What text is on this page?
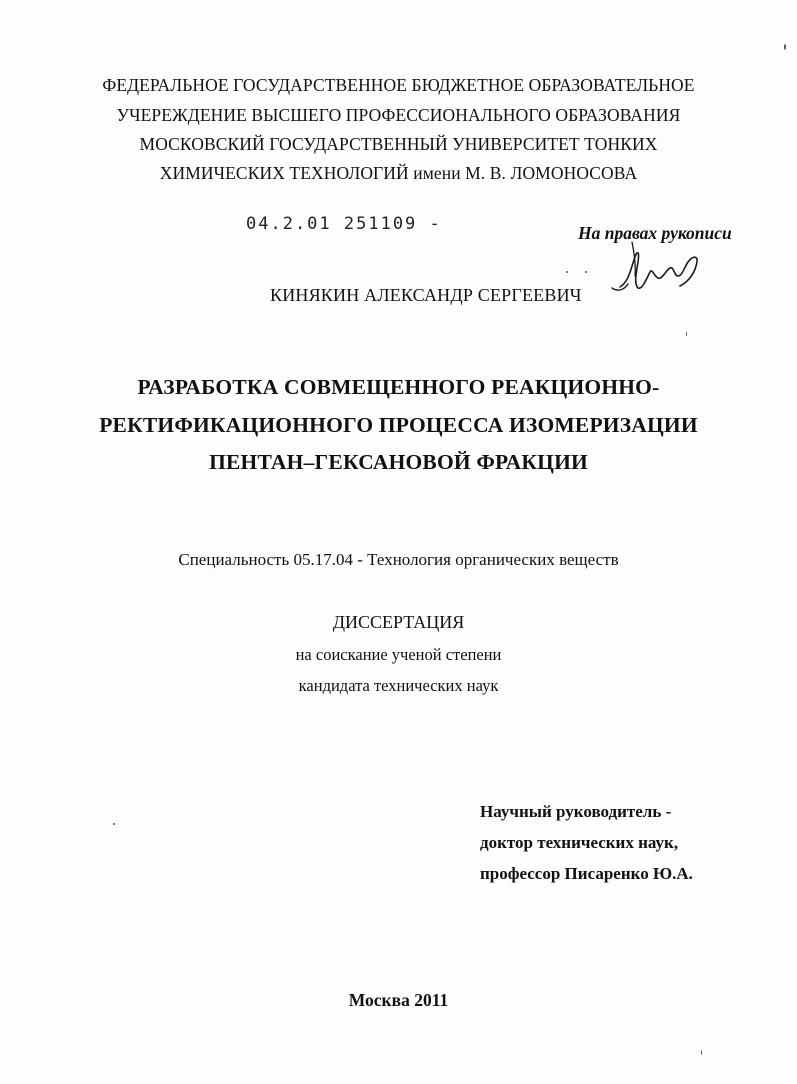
ФЕДЕРАЛЬНОЕ ГОСУДАРСТВЕННОЕ БЮДЖЕТНОЕ ОБРАЗОВАТЕЛЬНОЕ
УЧЕРЕЖДЕНИЕ ВЫСШЕГО ПРОФЕССИОНАЛЬНОГО ОБРАЗОВАНИЯ
МОСКОВСКИЙ ГОСУДАРСТВЕННЫЙ УНИВЕРСИТЕТ ТОНКИХ
ХИМИЧЕСКИХ ТЕХНОЛОГИЙ имени М. В. ЛОМОНОСОВА
04.2.01 251109 -	На правах рукописи
КИНЯКИН АЛЕКСАНДР СЕРГЕЕВИЧ
РАЗРАБОТКА СОВМЕЩЕННОГО РЕАКЦИОННО-
РЕКТИФИКАЦИОННОГО ПРОЦЕССА ИЗОМЕРИЗАЦИИ
ПЕНТАН–ГЕКСАНОВОЙ ФРАКЦИИ
Специальность 05.17.04 - Технология органических веществ
ДИССЕРТАЦИЯ
на соискание ученой степени
кандидата технических наук
Научный руководитель -
доктор технических наук,
профессор Писаренко Ю.А.
Москва 2011
